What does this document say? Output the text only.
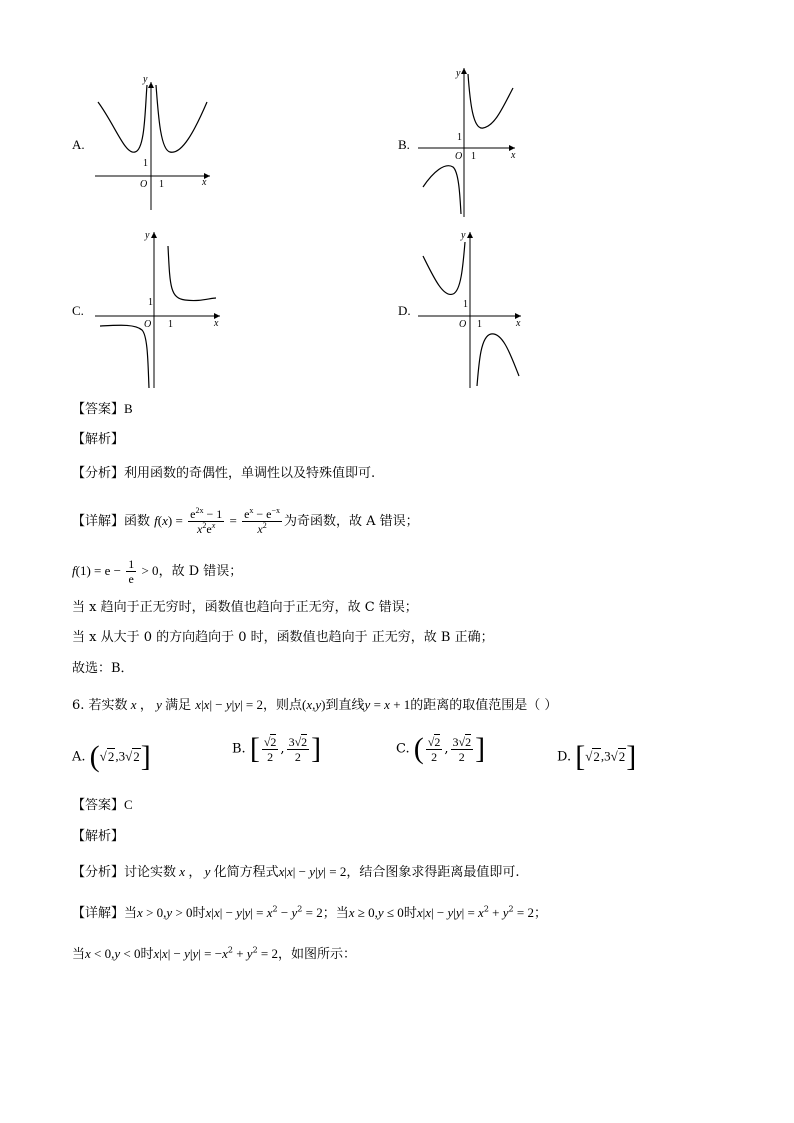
A.
y
x
O 1
1
B.
y
x
O 1
1
C.
y
x
O 1
1
D.
y
x
O 1
1
【答案】B
【解析】
【分析】利用函数的奇偶性，单调性以及特殊值即可.
【详解】函数 $f(x) = \frac{e^{2x} - 1}{x^2e^x} = \frac{e^x - e^{-x}}{x^2}$ 为奇函数，故 A 错误；
$f(1) = e - \frac{1}{e} > 0$，故 D 错误；
当 x 趋向于正无穷时，函数值也趋向于正无穷，故 C 错误；
当 x 从大于 0 的方向趋向于 0 时，函数值也趋向于 正无穷，故 B 正确；
故选：B．
6. 若实数 x ， y 满足 x|x| − y|y| = 2，则点(x,y)到直线y = x + 1的距离的取值范围是（ ）
A. (√2,3√2]	B. [ $\frac{√2}{2}$ , $\frac{3√2}{2}$ ]	C. ( $\frac{√2}{2}$ , $\frac{3√2}{2}$ ]	D. [√2,3√2]
【答案】C
【解析】
【分析】讨论实数 x ， y 化简方程式x|x| − y|y| = 2，结合图象求得距离最值即可.
【详解】当x > 0,y > 0时$x|x| - y|y| = x^2 - y^2 = 2$；当x ≥ 0,y ≤ 0时$x|x| - y|y| = x^2 + y^2 = 2$；
当x < 0,y < 0时$x|x| - y|y| = -x^2 + y^2 = 2$，如图所示：
